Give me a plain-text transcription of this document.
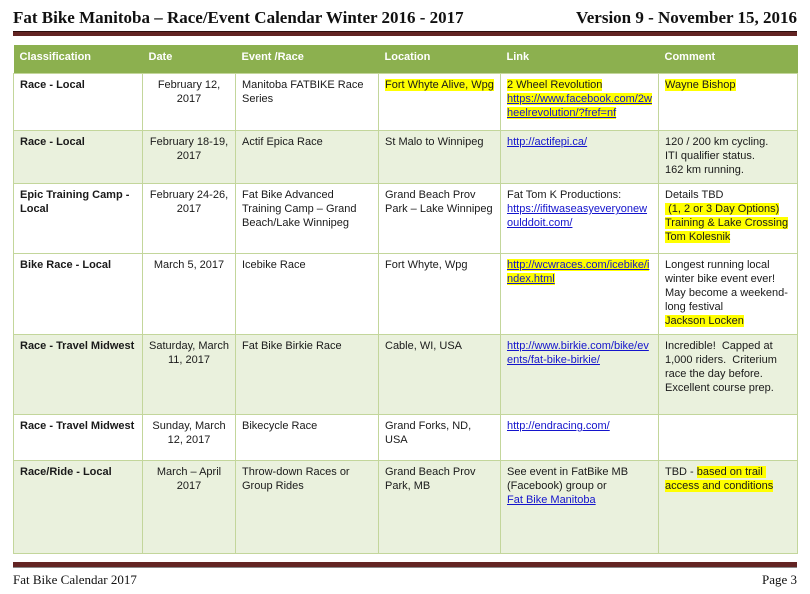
Fat Bike Manitoba – Race/Event Calendar Winter 2016 - 2017	Version 9 - November 15, 2016
Classification	Date	Event /Race	Location	Link	Comment
Race - Local	February 12, 2017	Manitoba FATBIKE Race Series	Fort Whyte Alive, Wpg	2 Wheel Revolution
https://www.facebook.com/2wheelrevolution/?fref=nf	Wayne Bishop
Race - Local	February 18-19, 2017	Actif Epica Race	St Malo to Winnipeg	http://actifepi.ca/	120 / 200 km cycling.
ITI qualifier status.
162 km running.
Epic Training Camp - Local	February 24-26, 2017	Fat Bike Advanced Training Camp – Grand Beach/Lake Winnipeg	Grand Beach Prov Park – Lake Winnipeg	Fat Tom K Productions:
https://ifitwaseasyeveryonewoulddoit.com/	Details TBD
(1, 2 or 3 Day Options)
Training & Lake Crossing
Tom Kolesnik
Bike Race - Local	March 5, 2017	Icebike Race	Fort Whyte, Wpg	http://wcwraces.com/icebike/index.html	Longest running local winter bike event ever!  May become a weekend-long festival
Jackson Locken
Race - Travel Midwest	Saturday, March 11, 2017	Fat Bike Birkie Race	Cable, WI, USA	http://www.birkie.com/bike/events/fat-bike-birkie/	Incredible!  Capped at 1,000 riders.  Criterium race the day before.  Excellent course prep.
Race - Travel Midwest	Sunday, March 12, 2017	Bikecycle Race	Grand Forks, ND, USA	http://endracing.com/	
Race/Ride - Local	March – April 2017	Throw-down Races or Group Rides	Grand Beach Prov Park, MB	See event in FatBike MB (Facebook) group or
Fat Bike Manitoba	TBD - based on trail access and conditions
Fat Bike Calendar 2017	Page 3
